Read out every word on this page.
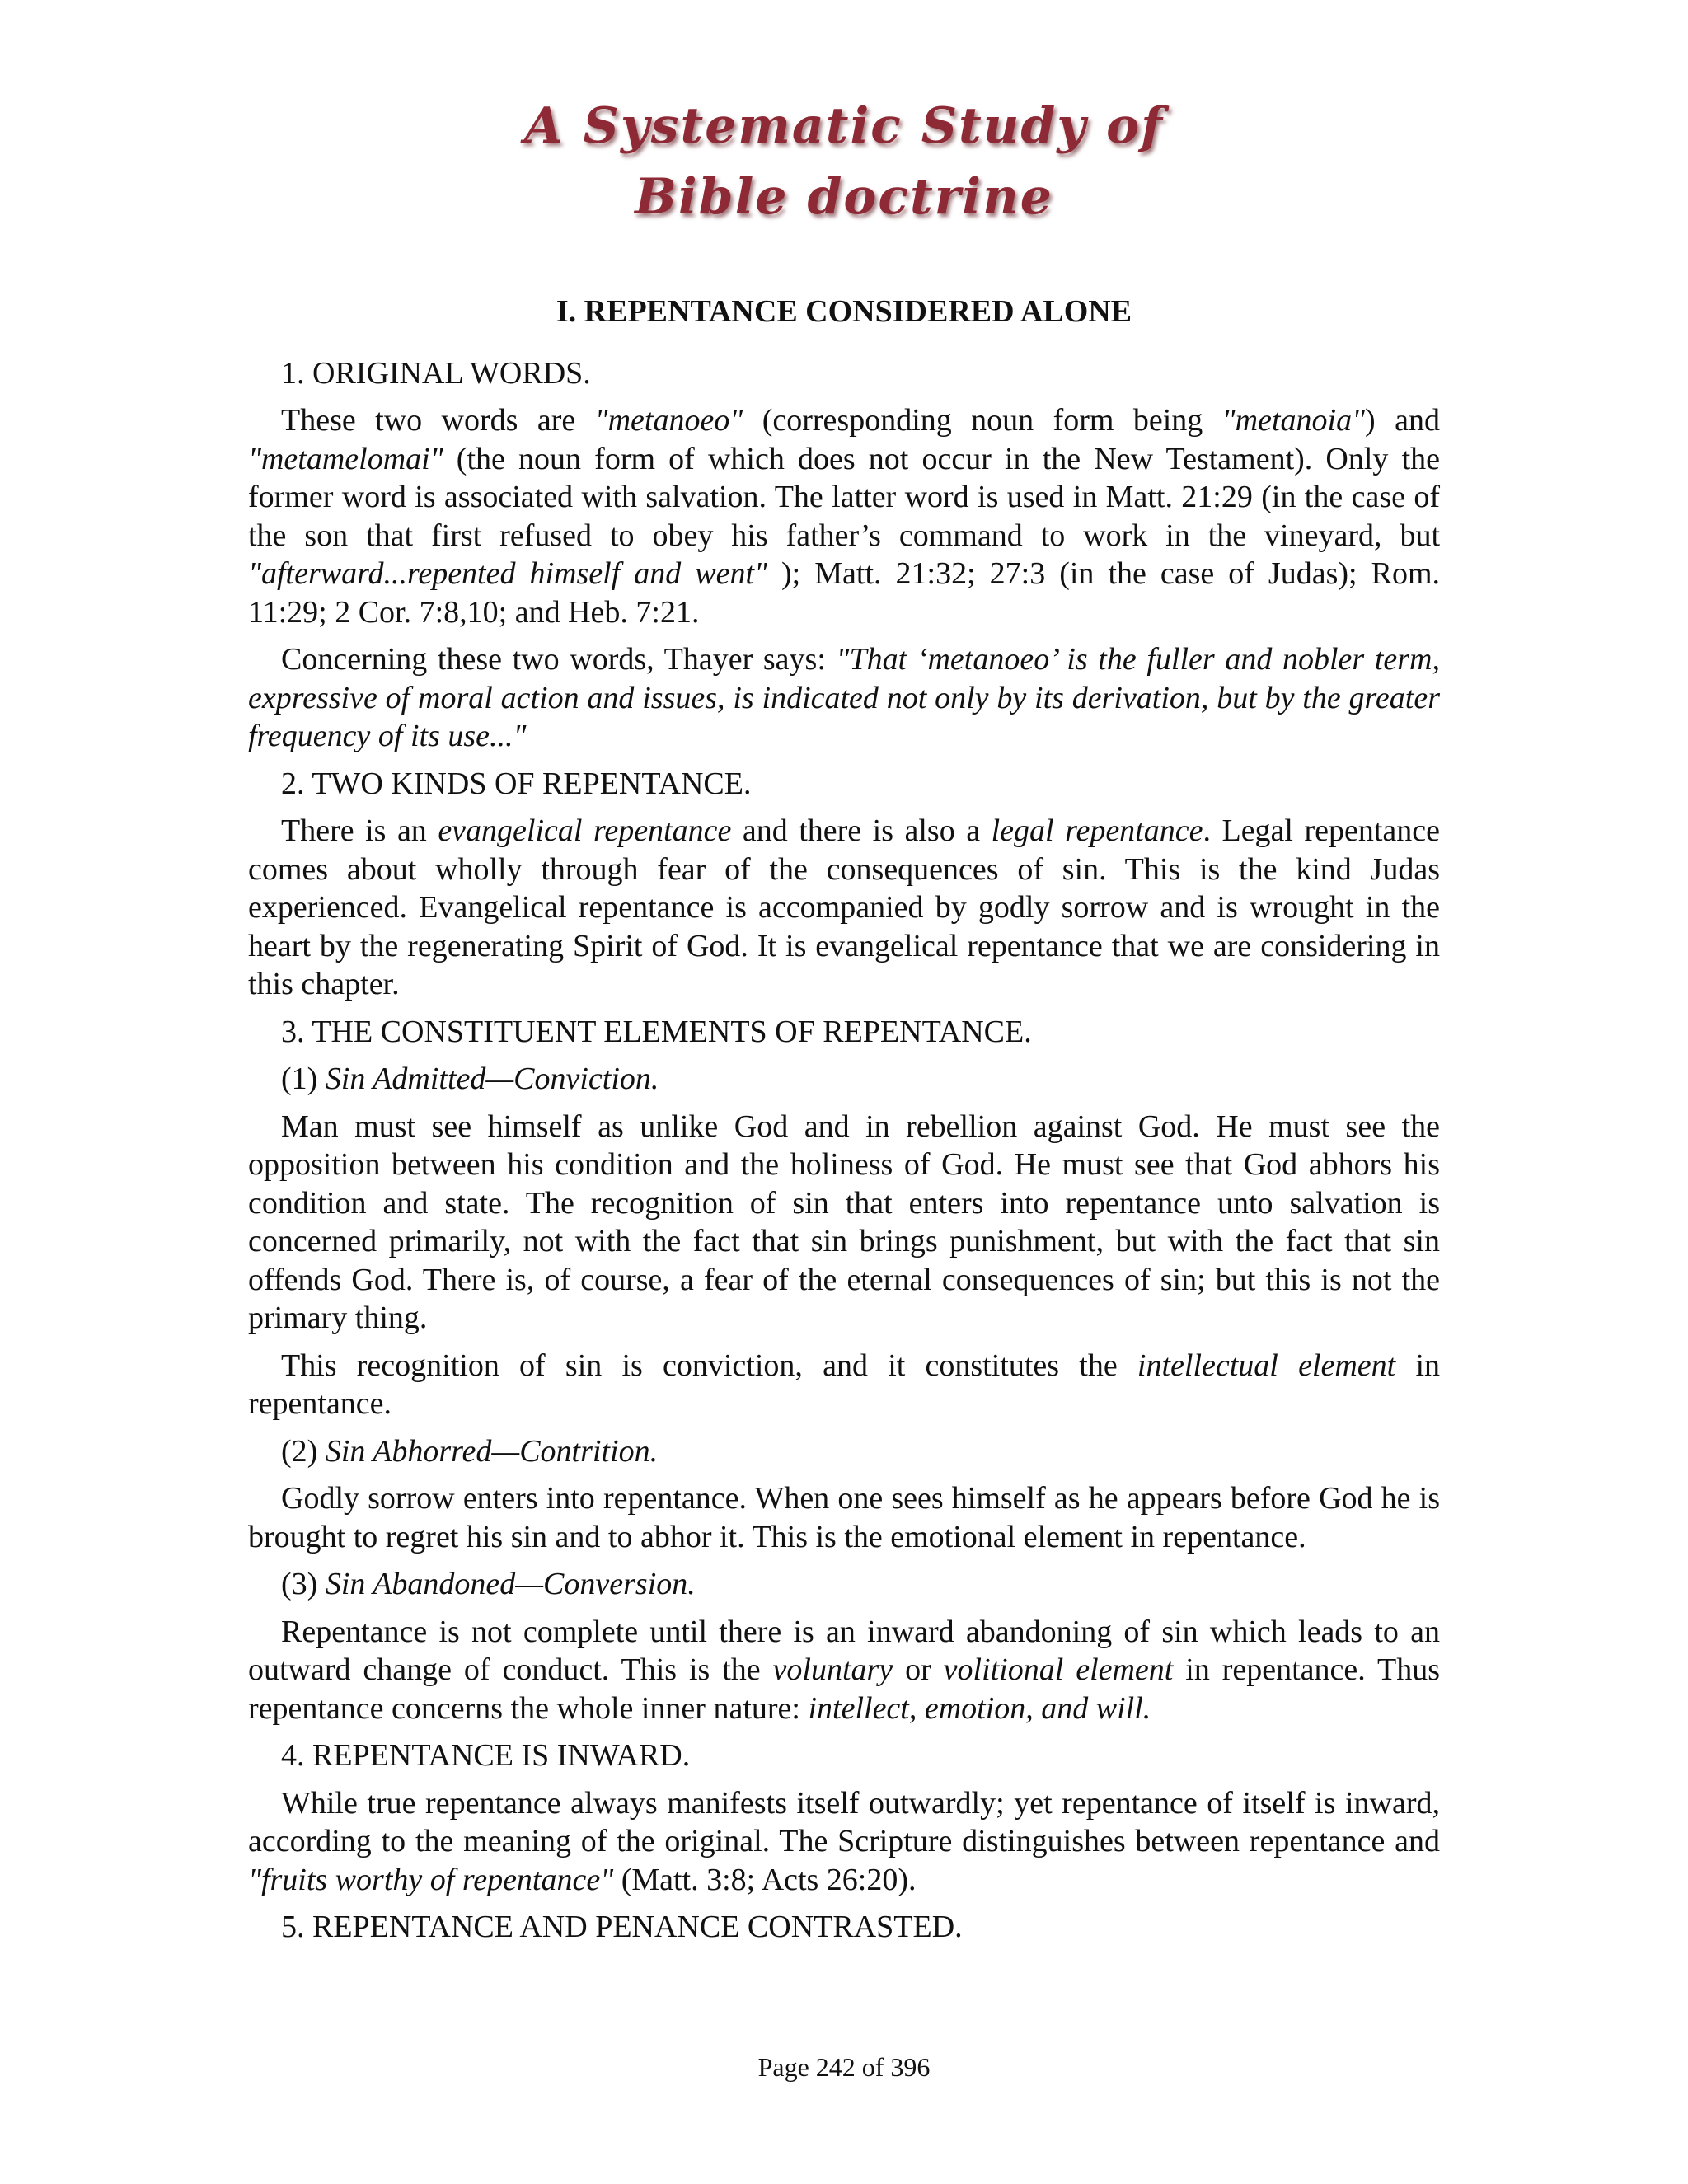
A Systematic Study of
Bible doctrine
I. REPENTANCE CONSIDERED ALONE
1. ORIGINAL WORDS.
These two words are "metanoeo" (corresponding noun form being "metanoia") and "metamelomai" (the noun form of which does not occur in the New Testament). Only the former word is associated with salvation. The latter word is used in Matt. 21:29 (in the case of the son that first refused to obey his father’s command to work in the vineyard, but "afterward...repented himself and went" ); Matt. 21:32; 27:3 (in the case of Judas); Rom. 11:29; 2 Cor. 7:8,10; and Heb. 7:21.
Concerning these two words, Thayer says: "That ‘metanoeo’ is the fuller and nobler term, expressive of moral action and issues, is indicated not only by its derivation, but by the greater frequency of its use..."
2. TWO KINDS OF REPENTANCE.
There is an evangelical repentance and there is also a legal repentance. Legal repentance comes about wholly through fear of the consequences of sin. This is the kind Judas experienced. Evangelical repentance is accompanied by godly sorrow and is wrought in the heart by the regenerating Spirit of God. It is evangelical repentance that we are considering in this chapter.
3. THE CONSTITUENT ELEMENTS OF REPENTANCE.
(1) Sin Admitted—Conviction.
Man must see himself as unlike God and in rebellion against God. He must see the opposition between his condition and the holiness of God. He must see that God abhors his condition and state. The recognition of sin that enters into repentance unto salvation is concerned primarily, not with the fact that sin brings punishment, but with the fact that sin offends God. There is, of course, a fear of the eternal consequences of sin; but this is not the primary thing.
This recognition of sin is conviction, and it constitutes the intellectual element in repentance.
(2) Sin Abhorred—Contrition.
Godly sorrow enters into repentance. When one sees himself as he appears before God he is brought to regret his sin and to abhor it. This is the emotional element in repentance.
(3) Sin Abandoned—Conversion.
Repentance is not complete until there is an inward abandoning of sin which leads to an outward change of conduct. This is the voluntary or volitional element in repentance. Thus repentance concerns the whole inner nature: intellect, emotion, and will.
4. REPENTANCE IS INWARD.
While true repentance always manifests itself outwardly; yet repentance of itself is inward, according to the meaning of the original. The Scripture distinguishes between repentance and "fruits worthy of repentance" (Matt. 3:8; Acts 26:20).
5. REPENTANCE AND PENANCE CONTRASTED.
Page 242 of 396
